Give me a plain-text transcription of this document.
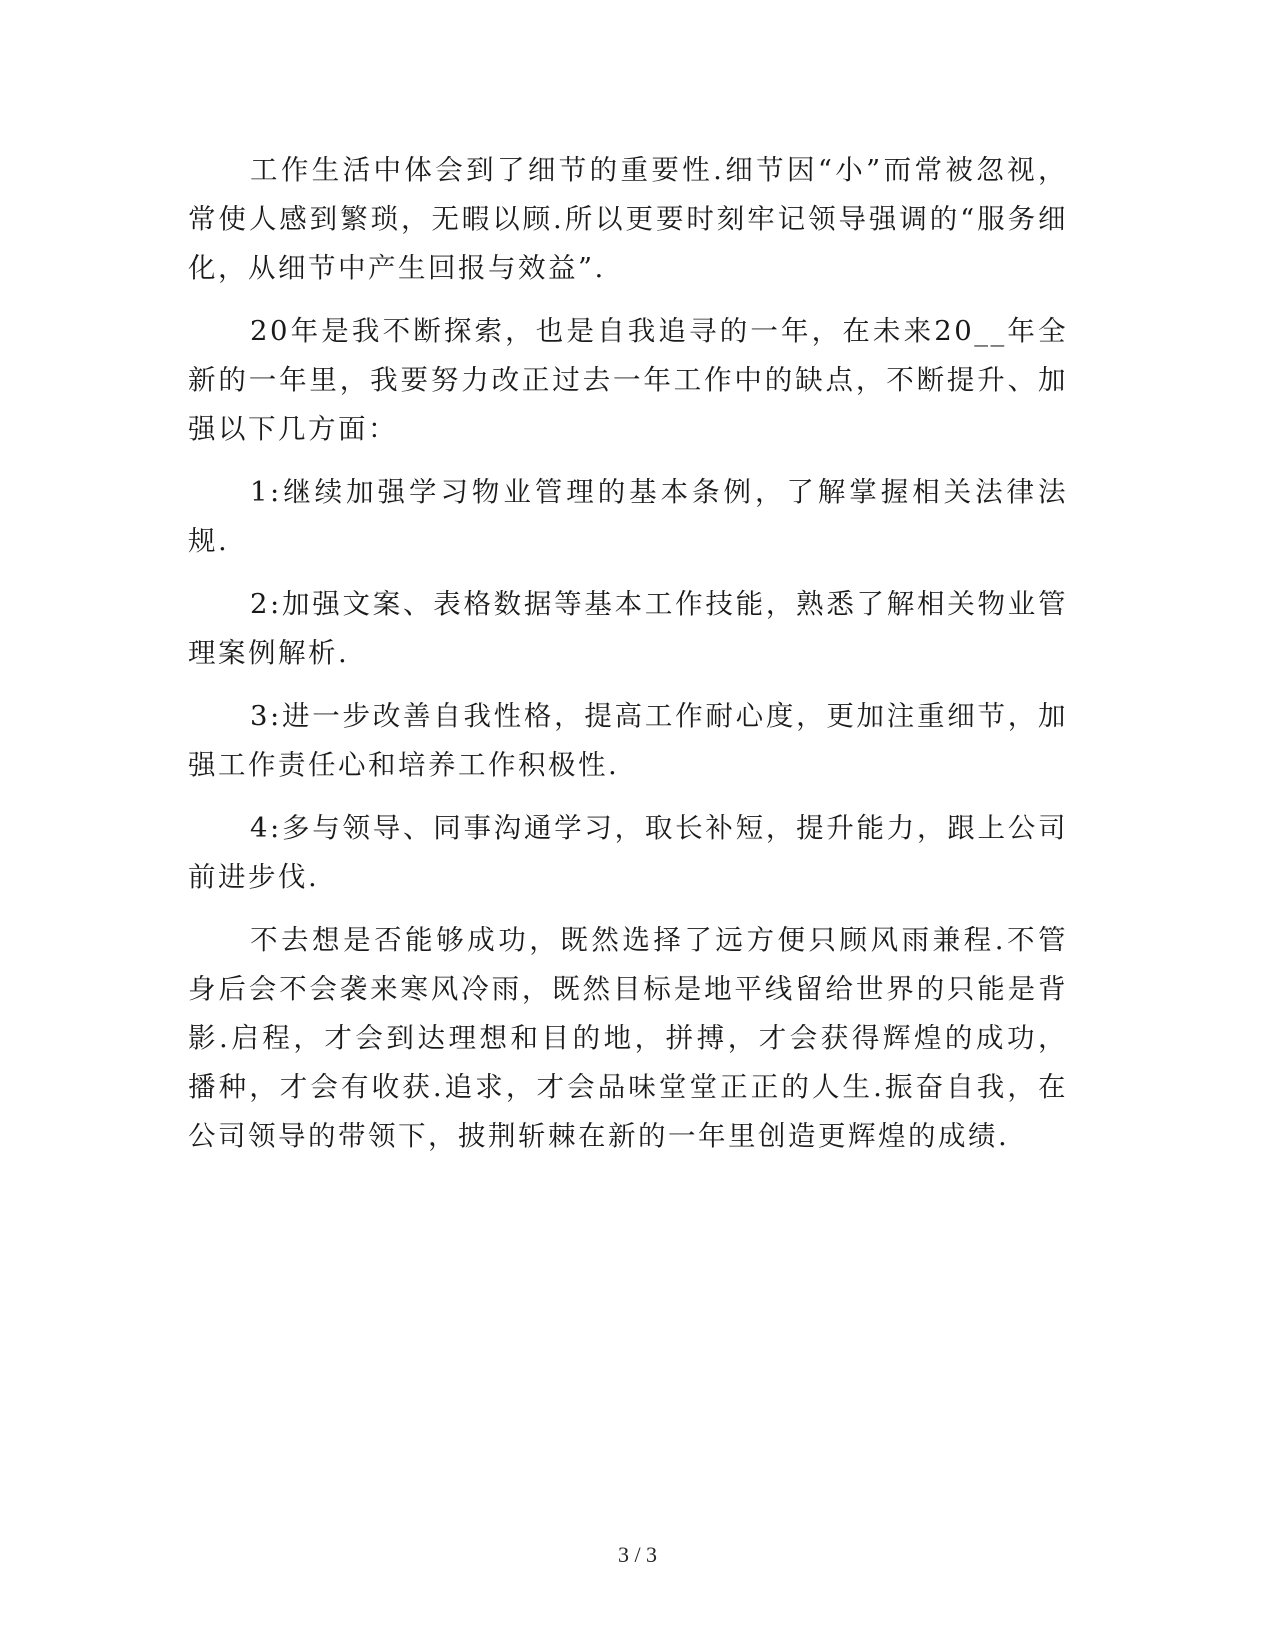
工作生活中体会到了细节的重要性.细节因“小”而常被忽视，常使人感到繁琐，无暇以顾.所以更要时刻牢记领导强调的“服务细化，从细节中产生回报与效益”.

20年是我不断探索，也是自我追寻的一年，在未来20__年全新的一年里，我要努力改正过去一年工作中的缺点，不断提升、加强以下几方面：

1:继续加强学习物业管理的基本条例，了解掌握相关法律法规.

2:加强文案、表格数据等基本工作技能，熟悉了解相关物业管理案例解析.

3:进一步改善自我性格，提高工作耐心度，更加注重细节，加强工作责任心和培养工作积极性.

4:多与领导、同事沟通学习，取长补短，提升能力，跟上公司前进步伐.

不去想是否能够成功，既然选择了远方便只顾风雨兼程.不管身后会不会袭来寒风冷雨，既然目标是地平线留给世界的只能是背影.启程，才会到达理想和目的地，拼搏，才会获得辉煌的成功，播种，才会有收获.追求，才会品味堂堂正正的人生.振奋自我，在公司领导的带领下，披荆斩棘在新的一年里创造更辉煌的成绩.

3 / 3
